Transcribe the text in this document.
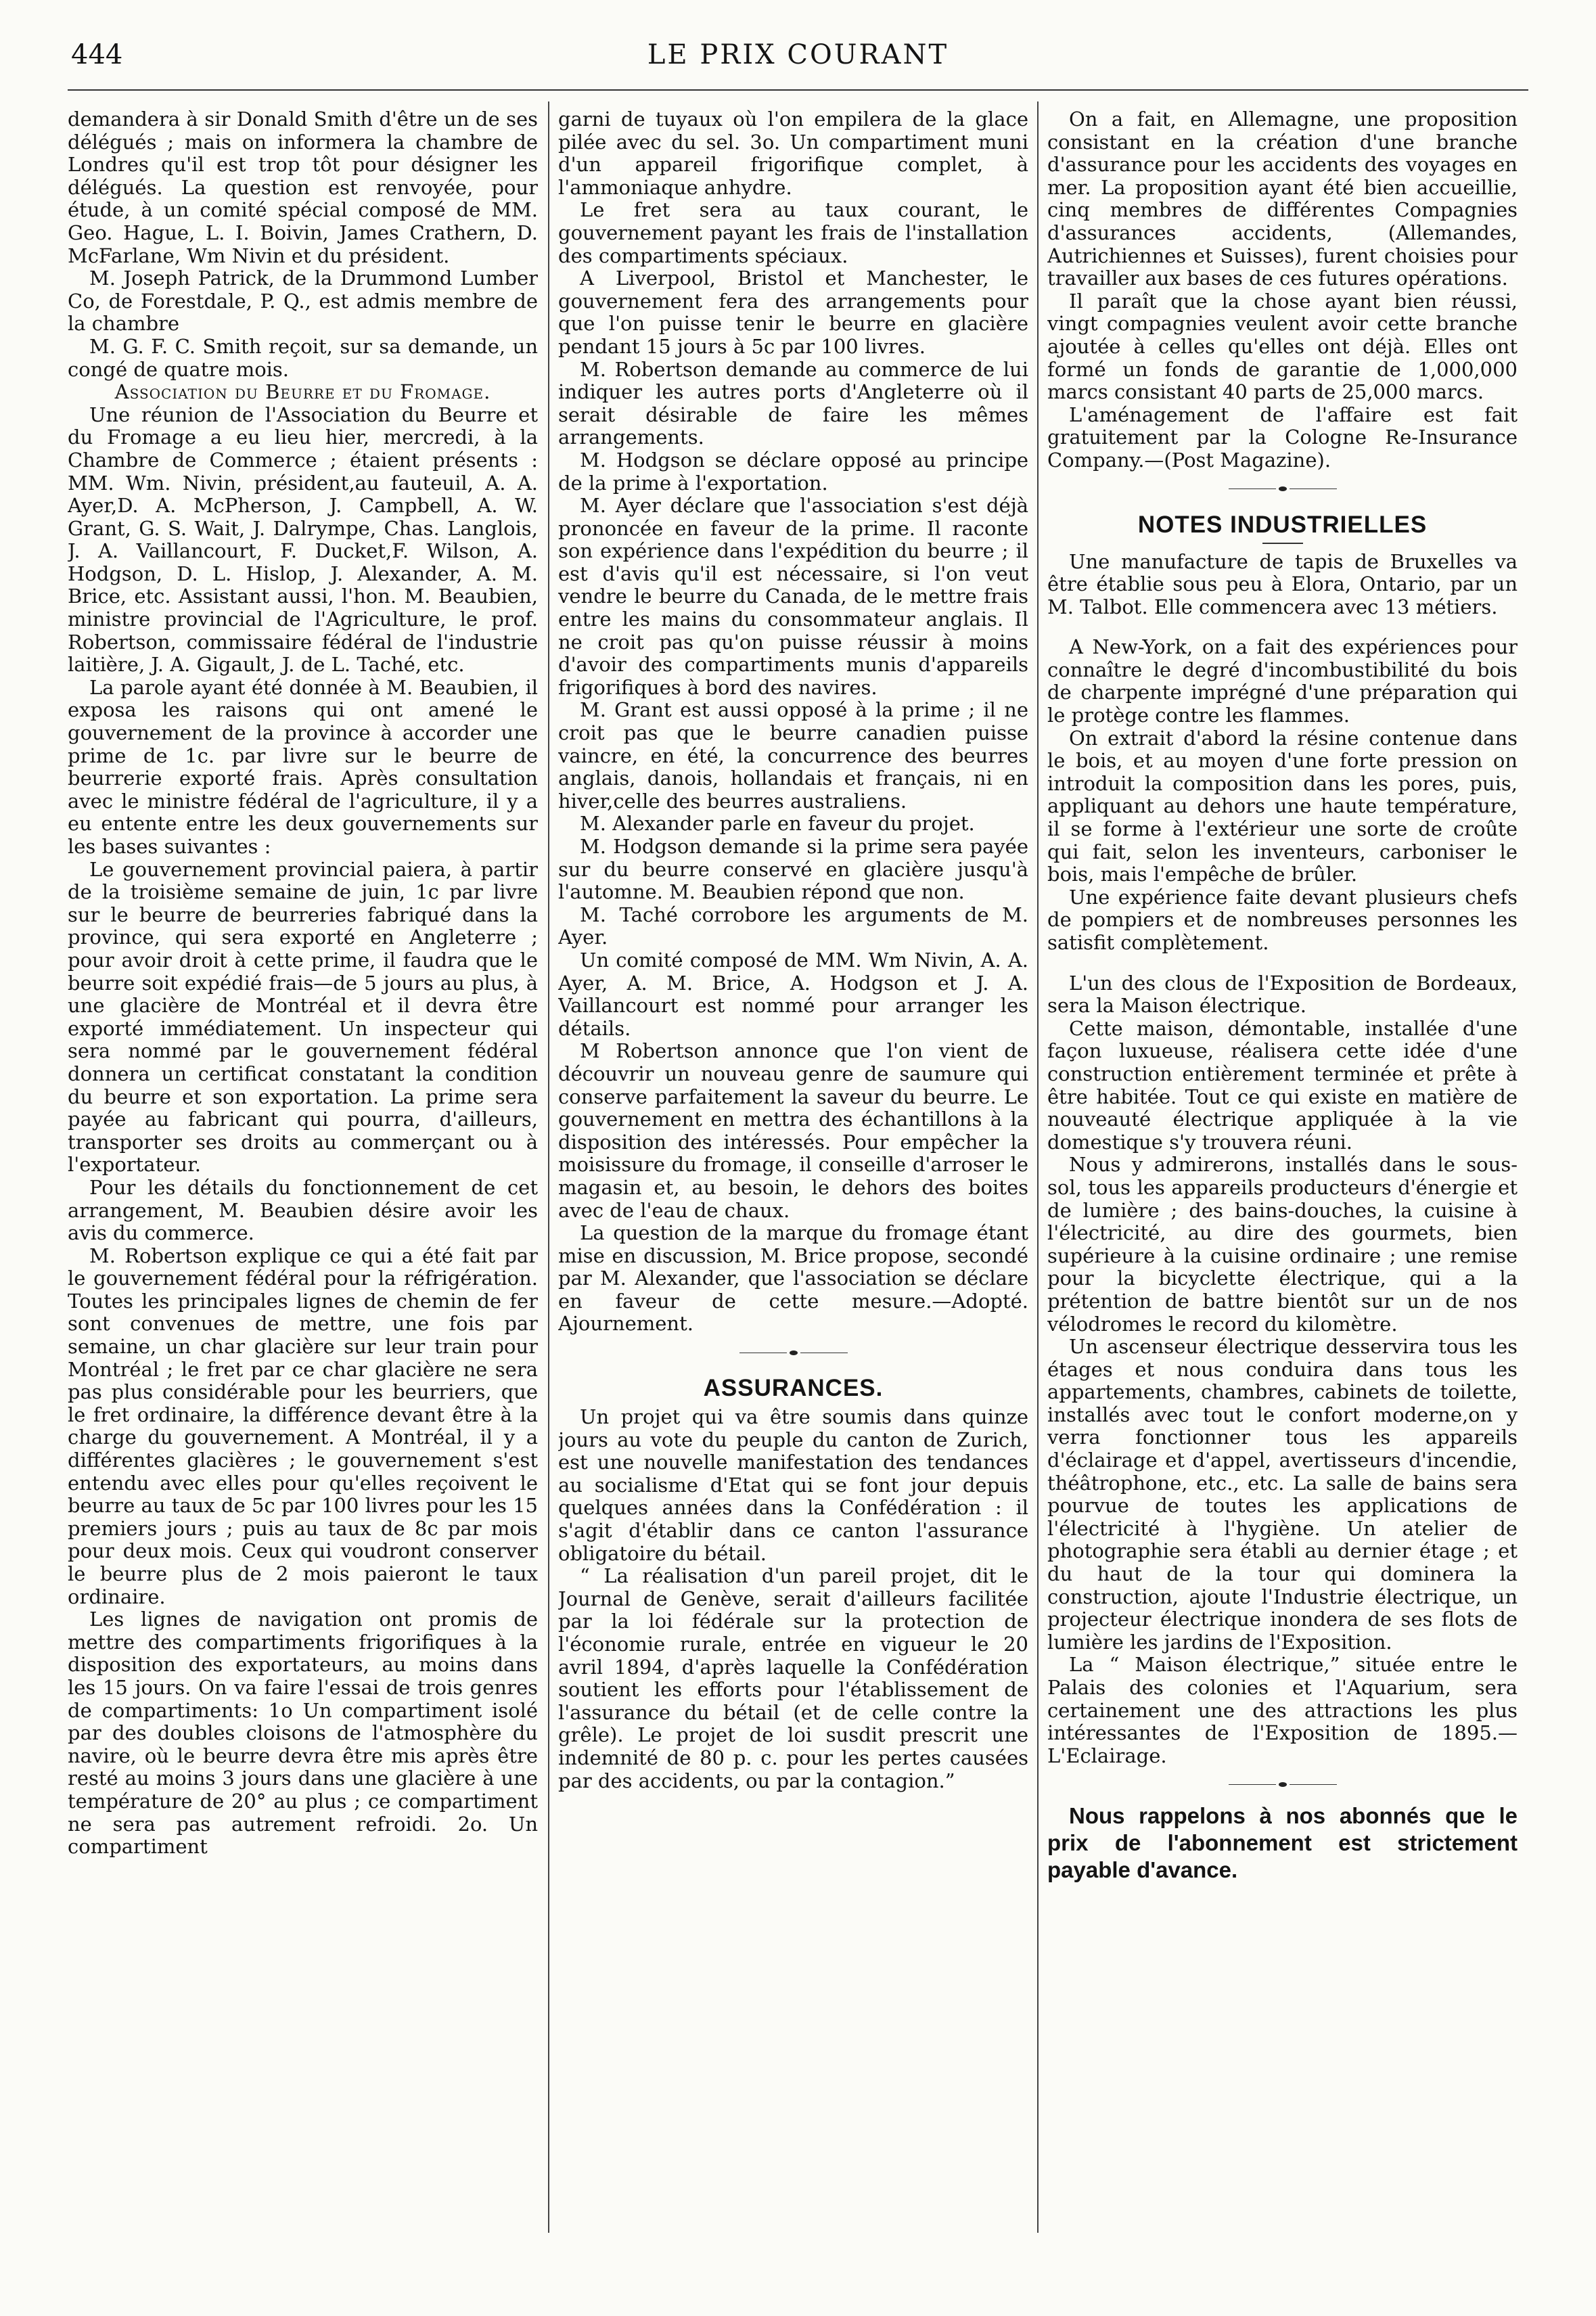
444	LE PRIX COURANT

demandera à sir Donald Smith d'être un de ses délégués ; mais on informera la chambre de Londres qu'il est trop tôt pour désigner les délégués. La question est renvoyée, pour étude, à un comité spécial composé de MM. Geo. Hague, L. I. Boivin, James Crathern, D. McFarlane, Wm Nivin et du président.

M. Joseph Patrick, de la Drummond Lumber Co, de Forestdale, P. Q., est admis membre de la chambre

M. G. F. C. Smith reçoit, sur sa demande, un congé de quatre mois.

Association du Beurre et du Fromage.

Une réunion de l'Association du Beurre et du Fromage a eu lieu hier, mercredi, à la Chambre de Commerce ; étaient présents : MM. Wm. Nivin, président,au fauteuil, A. A. Ayer,D. A. McPherson, J. Campbell, A. W. Grant, G. S. Wait, J. Dalrympe, Chas. Langlois, J. A. Vaillancourt, F. Ducket,F. Wilson, A. Hodgson, D. L. Hislop, J. Alexander, A. M. Brice, etc. Assistant aussi, l'hon. M. Beaubien, ministre provincial de l'Agriculture, le prof. Robertson, commissaire fédéral de l'industrie laitière, J. A. Gigault, J. de L. Taché, etc.

La parole ayant été donnée à M. Beaubien, il exposa les raisons qui ont amené le gouvernement de la province à accorder une prime de 1c. par livre sur le beurre de beurrerie exporté frais. Après consultation avec le ministre fédéral de l'agriculture, il y a eu entente entre les deux gouvernements sur les bases suivantes :

Le gouvernement provincial paiera, à partir de la troisième semaine de juin, 1c par livre sur le beurre de beurreries fabriqué dans la province, qui sera exporté en Angleterre ; pour avoir droit à cette prime, il faudra que le beurre soit expédié frais—de 5 jours au plus, à une glacière de Montréal et il devra être exporté immédiatement. Un inspecteur qui sera nommé par le gouvernement fédéral donnera un certificat constatant la condition du beurre et son exportation. La prime sera payée au fabricant qui pourra, d'ailleurs, transporter ses droits au commerçant ou à l'exportateur.

Pour les détails du fonctionnement de cet arrangement, M. Beaubien désire avoir les avis du commerce.

M. Robertson explique ce qui a été fait par le gouvernement fédéral pour la réfrigération. Toutes les principales lignes de chemin de fer sont convenues de mettre, une fois par semaine, un char glacière sur leur train pour Montréal ; le fret par ce char glacière ne sera pas plus considérable pour les beurriers, que le fret ordinaire, la différence devant être à la charge du gouvernement. A Montréal, il y a différentes glacières ; le gouvernement s'est entendu avec elles pour qu'elles reçoivent le beurre au taux de 5c par 100 livres pour les 15 premiers jours ; puis au taux de 8c par mois pour deux mois. Ceux qui voudront conserver le beurre plus de 2 mois paieront le taux ordinaire.

Les lignes de navigation ont promis de mettre des compartiments frigorifiques à la disposition des exportateurs, au moins dans les 15 jours. On va faire l'essai de trois genres de compartiments: 1o Un compartiment isolé par des doubles cloisons de l'atmosphère du navire, où le beurre devra être mis après être resté au moins 3 jours dans une glacière à une température de 20° au plus ; ce compartiment ne sera pas autrement refroidi. 2o. Un compartiment

garni de tuyaux où l'on empilera de la glace pilée avec du sel. 3o. Un compartiment muni d'un appareil frigorifique complet, à l'ammoniaque anhydre.

Le fret sera au taux courant, le gouvernement payant les frais de l'installation des compartiments spéciaux.

A Liverpool, Bristol et Manchester, le gouvernement fera des arrangements pour que l'on puisse tenir le beurre en glacière pendant 15 jours à 5c par 100 livres.

M. Robertson demande au commerce de lui indiquer les autres ports d'Angleterre où il serait désirable de faire les mêmes arrangements.

M. Hodgson se déclare opposé au principe de la prime à l'exportation.

M. Ayer déclare que l'association s'est déjà prononcée en faveur de la prime. Il raconte son expérience dans l'expédition du beurre ; il est d'avis qu'il est nécessaire, si l'on veut vendre le beurre du Canada, de le mettre frais entre les mains du consommateur anglais. Il ne croit pas qu'on puisse réussir à moins d'avoir des compartiments munis d'appareils frigorifiques à bord des navires.

M. Grant est aussi opposé à la prime ; il ne croit pas que le beurre canadien puisse vaincre, en été, la concurrence des beurres anglais, danois, hollandais et français, ni en hiver,celle des beurres australiens.

M. Alexander parle en faveur du projet.

M. Hodgson demande si la prime sera payée sur du beurre conservé en glacière jusqu'à l'automne. M. Beaubien répond que non.

M. Taché corrobore les arguments de M. Ayer.

Un comité composé de MM. Wm Nivin, A. A. Ayer, A. M. Brice, A. Hodgson et J. A. Vaillancourt est nommé pour arranger les détails.

M Robertson annonce que l'on vient de découvrir un nouveau genre de saumure qui conserve parfaitement la saveur du beurre. Le gouvernement en mettra des échantillons à la disposition des intéressés. Pour empêcher la moisissure du fromage, il conseille d'arroser le magasin et, au besoin, le dehors des boites avec de l'eau de chaux.

La question de la marque du fromage étant mise en discussion, M. Brice propose, secondé par M. Alexander, que l'association se déclare en faveur de cette mesure.—Adopté. Ajournement.

ASSURANCES.

Un projet qui va être soumis dans quinze jours au vote du peuple du canton de Zurich, est une nouvelle manifestation des tendances au socialisme d'Etat qui se font jour depuis quelques années dans la Confédération : il s'agit d'établir dans ce canton l'assurance obligatoire du bétail.

“ La réalisation d'un pareil projet, dit le Journal de Genève, serait d'ailleurs facilitée par la loi fédérale sur la protection de l'économie rurale, entrée en vigueur le 20 avril 1894, d'après laquelle la Confédération soutient les efforts pour l'établissement de l'assurance du bétail (et de celle contre la grêle). Le projet de loi susdit prescrit une indemnité de 80 p. c. pour les pertes causées par des accidents, ou par la contagion.”

On a fait, en Allemagne, une proposition consistant en la création d'une branche d'assurance pour les accidents des voyages en mer. La proposition ayant été bien accueillie, cinq membres de différentes Compagnies d'assurances accidents, (Allemandes, Autrichiennes et Suisses), furent choisies pour travailler aux bases de ces futures opérations.

Il paraît que la chose ayant bien réussi, vingt compagnies veulent avoir cette branche ajoutée à celles qu'elles ont déjà. Elles ont formé un fonds de garantie de 1,000,000 marcs consistant 40 parts de 25,000 marcs.

L'aménagement de l'affaire est fait gratuitement par la Cologne Re-Insurance Company.—(Post Magazine).

NOTES INDUSTRIELLES

Une manufacture de tapis de Bruxelles va être établie sous peu à Elora, Ontario, par un M. Talbot. Elle commencera avec 13 métiers.

A New-York, on a fait des expériences pour connaître le degré d'incombustibilité du bois de charpente imprégné d'une préparation qui le protège contre les flammes.

On extrait d'abord la résine contenue dans le bois, et au moyen d'une forte pression on introduit la composition dans les pores, puis, appliquant au dehors une haute température, il se forme à l'extérieur une sorte de croûte qui fait, selon les inventeurs, carboniser le bois, mais l'empêche de brûler.

Une expérience faite devant plusieurs chefs de pompiers et de nombreuses personnes les satisfit complètement.

L'un des clous de l'Exposition de Bordeaux, sera la Maison électrique.

Cette maison, démontable, installée d'une façon luxueuse, réalisera cette idée d'une construction entièrement terminée et prête à être habitée. Tout ce qui existe en matière de nouveauté électrique appliquée à la vie domestique s'y trouvera réuni.

Nous y admirerons, installés dans le sous-sol, tous les appareils producteurs d'énergie et de lumière ; des bains-douches, la cuisine à l'électricité, au dire des gourmets, bien supérieure à la cuisine ordinaire ; une remise pour la bicyclette électrique, qui a la prétention de battre bientôt sur un de nos vélodromes le record du kilomètre.

Un ascenseur électrique desservira tous les étages et nous conduira dans tous les appartements, chambres, cabinets de toilette, installés avec tout le confort moderne,on y verra fonctionner tous les appareils d'éclairage et d'appel, avertisseurs d'incendie, théâtrophone, etc., etc. La salle de bains sera pourvue de toutes les applications de l'électricité à l'hygiène. Un atelier de photographie sera établi au dernier étage ; et du haut de la tour qui dominera la construction, ajoute l'Industrie électrique, un projecteur électrique inondera de ses flots de lumière les jardins de l'Exposition.

La “ Maison électrique,” située entre le Palais des colonies et l'Aquarium, sera certainement une des attractions les plus intéressantes de l'Exposition de 1895.—L'Eclairage.

Nous rappelons à nos abonnés que le prix de l'abonnement est strictement payable d'avance.
